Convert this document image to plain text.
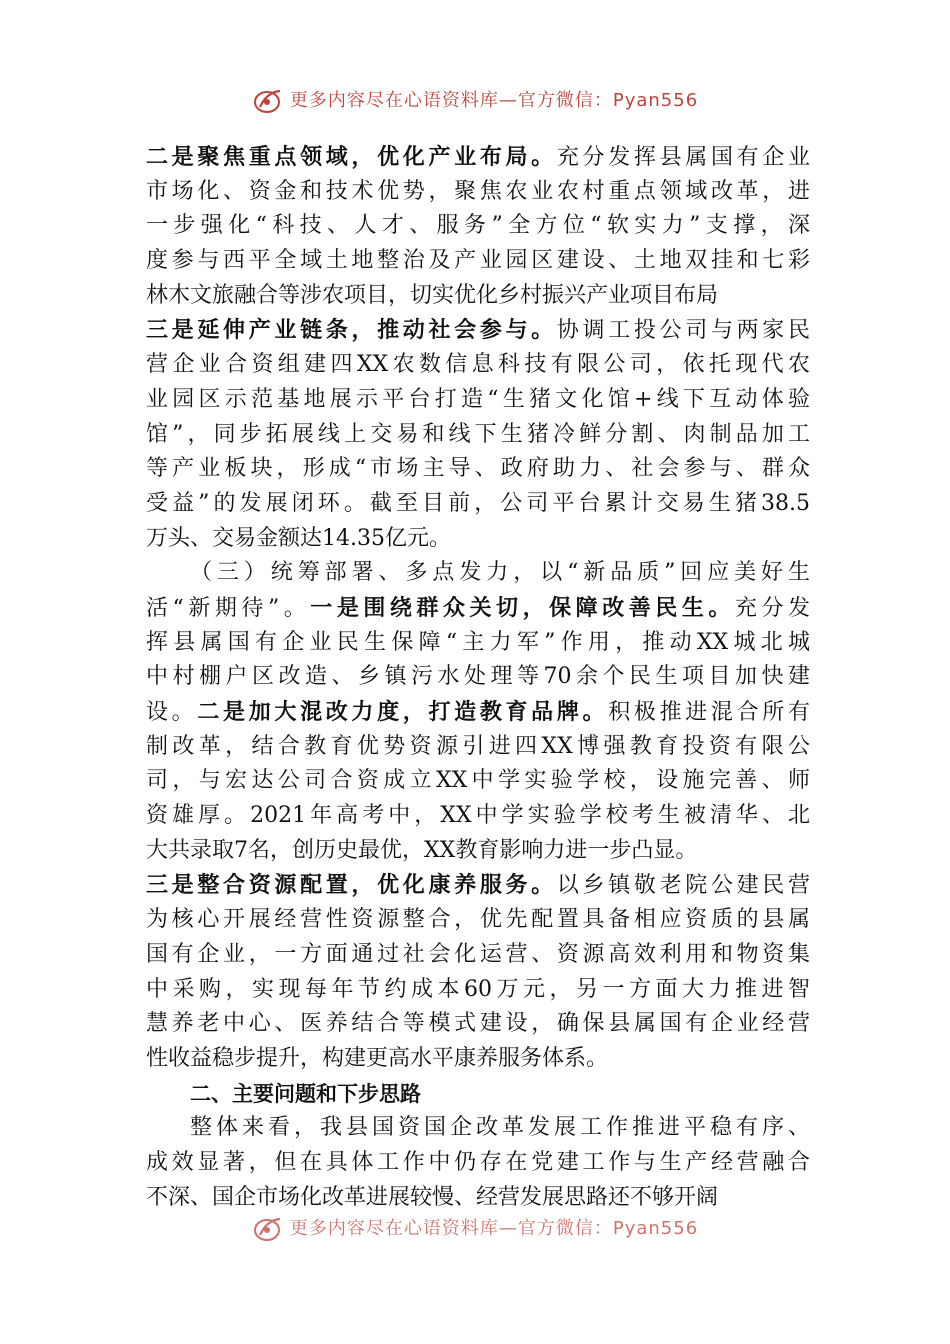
更多内容尽在心语资料库—官方微信：Pyan556
二是聚焦重点领域，优化产业布局。充分发挥县属国有企业
市场化、资金和技术优势，聚焦农业农村重点领域改革，进
一步强化“科技、人才、服务”全方位“软实力”支撑，深
度参与西平全域土地整治及产业园区建设、土地双挂和七彩
林木文旅融合等涉农项目，切实优化乡村振兴产业项目布局
三是延伸产业链条，推动社会参与。协调工投公司与两家民
营企业合资组建四XX农数信息科技有限公司，依托现代农
业园区示范基地展示平台打造“生猪文化馆+线下互动体验
馆”，同步拓展线上交易和线下生猪冷鲜分割、肉制品加工
等产业板块，形成“市场主导、政府助力、社会参与、群众
受益”的发展闭环。截至目前，公司平台累计交易生猪38.5
万头、交易金额达14.35亿元。
（三）统筹部署、多点发力，以“新品质”回应美好生
活“新期待”。一是围绕群众关切，保障改善民生。充分发
挥县属国有企业民生保障“主力军”作用，推动XX城北城
中村棚户区改造、乡镇污水处理等70余个民生项目加快建
设。二是加大混改力度，打造教育品牌。积极推进混合所有
制改革，结合教育优势资源引进四XX博强教育投资有限公
司，与宏达公司合资成立XX中学实验学校，设施完善、师
资雄厚。2021年高考中，XX中学实验学校考生被清华、北
大共录取7名，创历史最优，XX教育影响力进一步凸显。
三是整合资源配置，优化康养服务。以乡镇敬老院公建民营
为核心开展经营性资源整合，优先配置具备相应资质的县属
国有企业，一方面通过社会化运营、资源高效利用和物资集
中采购，实现每年节约成本60万元，另一方面大力推进智
慧养老中心、医养结合等模式建设，确保县属国有企业经营
性收益稳步提升，构建更高水平康养服务体系。
二、主要问题和下步思路
整体来看，我县国资国企改革发展工作推进平稳有序、
成效显著，但在具体工作中仍存在党建工作与生产经营融合
不深、国企市场化改革进展较慢、经营发展思路还不够开阔
更多内容尽在心语资料库—官方微信：Pyan556
